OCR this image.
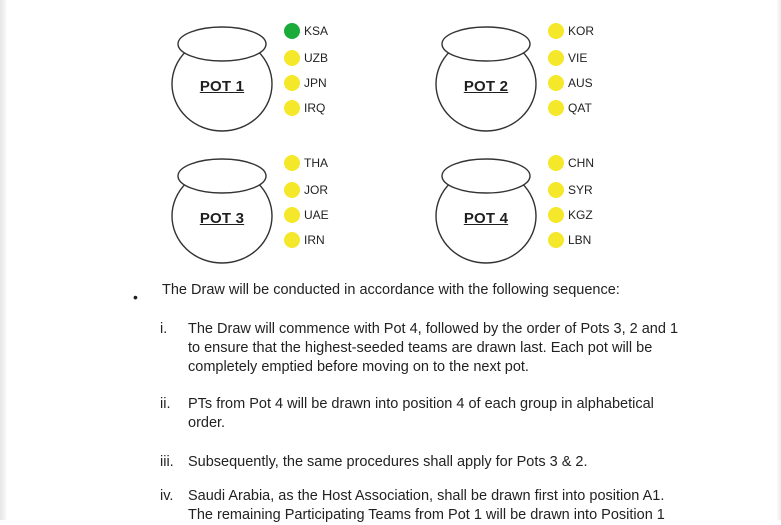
POT 1
KSA
UZB
JPN
IRQ
POT 2
KOR
VIE
AUS
QAT
POT 3
THA
JOR
UAE
IRN
POT 4
CHN
SYR
KGZ
LBN
• The Draw will be conducted in accordance with the following sequence:
i. The Draw will commence with Pot 4, followed by the order of Pots 3, 2 and 1 to ensure that the highest-seeded teams are drawn last. Each pot will be completely emptied before moving on to the next pot.
ii. PTs from Pot 4 will be drawn into position 4 of each group in alphabetical order.
iii. Subsequently, the same procedures shall apply for Pots 3 & 2.
iv. Saudi Arabia, as the Host Association, shall be drawn first into position A1. The remaining Participating Teams from Pot 1 will be drawn into Position 1
